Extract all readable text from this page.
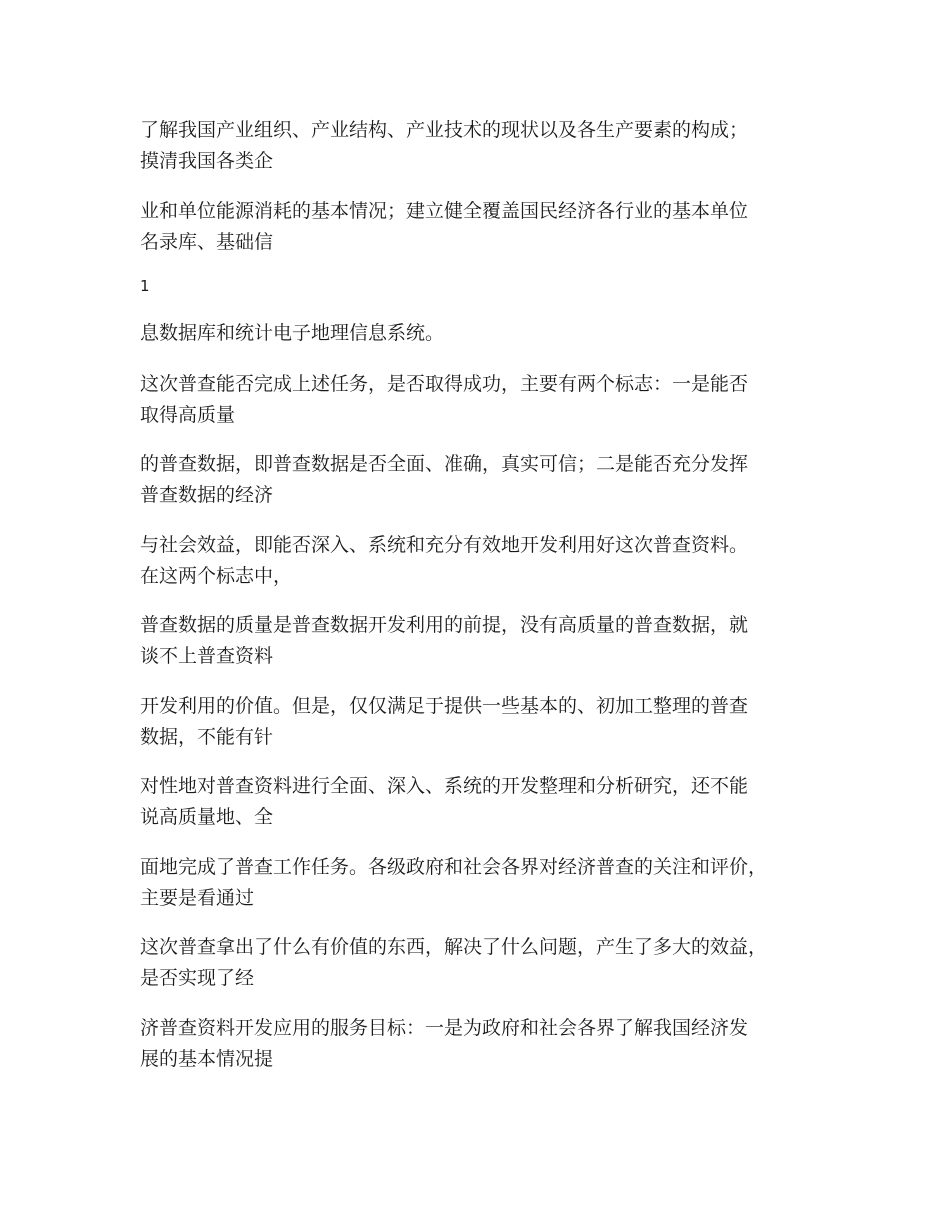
了解我国产业组织、产业结构、产业技术的现状以及各生产要素的构成；
摸清我国各类企

业和单位能源消耗的基本情况；建立健全覆盖国民经济各行业的基本单位
名录库、基础信

1

息数据库和统计电子地理信息系统。

这次普查能否完成上述任务，是否取得成功，主要有两个标志：一是能否
取得高质量

的普查数据，即普查数据是否全面、准确，真实可信；二是能否充分发挥
普查数据的经济

与社会效益，即能否深入、系统和充分有效地开发利用好这次普查资料。
在这两个标志中，

普查数据的质量是普查数据开发利用的前提，没有高质量的普查数据，就
谈不上普查资料

开发利用的价值。但是，仅仅满足于提供一些基本的、初加工整理的普查
数据，不能有针

对性地对普查资料进行全面、深入、系统的开发整理和分析研究，还不能
说高质量地、全

面地完成了普查工作任务。各级政府和社会各界对经济普查的关注和评价，
主要是看通过

这次普查拿出了什么有价值的东西，解决了什么问题，产生了多大的效益，
是否实现了经

济普查资料开发应用的服务目标：一是为政府和社会各界了解我国经济发
展的基本情况提
